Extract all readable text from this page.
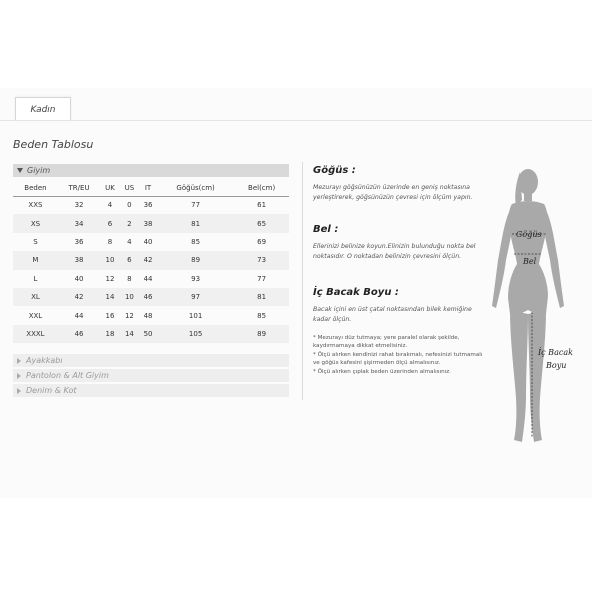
Kadın
Beden Tablosu
Giyim
Beden	TR/EU	UK	US	IT	Göğüs(cm)	Bel(cm)
XXS	32	4	0	36	77	61
XS	34	6	2	38	81	65
S	36	8	4	40	85	69
M	38	10	6	42	89	73
L	40	12	8	44	93	77
XL	42	14	10	46	97	81
XXL	44	16	12	48	101	85
XXXL	46	18	14	50	105	89
Ayakkabı
Pantolon & Alt Giyim
Denim & Kot
Göğüs :
Mezurayı göğsünüzün üzerinde en geniş noktasına yerleştirerek, göğsünüzün çevresi için ölçüm yapın.
Bel :
Ellerinizi belinize koyun.Elinizin bulunduğu nokta bel noktasıdır. O noktadan belinizin çevresini ölçün.
İç Bacak Boyu :
Bacak içini en üst çatal noktasından bilek kemiğine kadar ölçün.
* Mezurayı düz tutmaya; yere paralel olarak şekilde, kaydırmamaya dikkat etmelisiniz.
* Ölçü alırken kendinizi rahat bırakmalı, nefesinizi tutmamalı ve göğüs kafesini şişirmeden ölçü almalısınız.
* Ölçü alırken çıplak beden üzerinden almalısınız.
Göğüs
Bel
İç Bacak
Boyu
